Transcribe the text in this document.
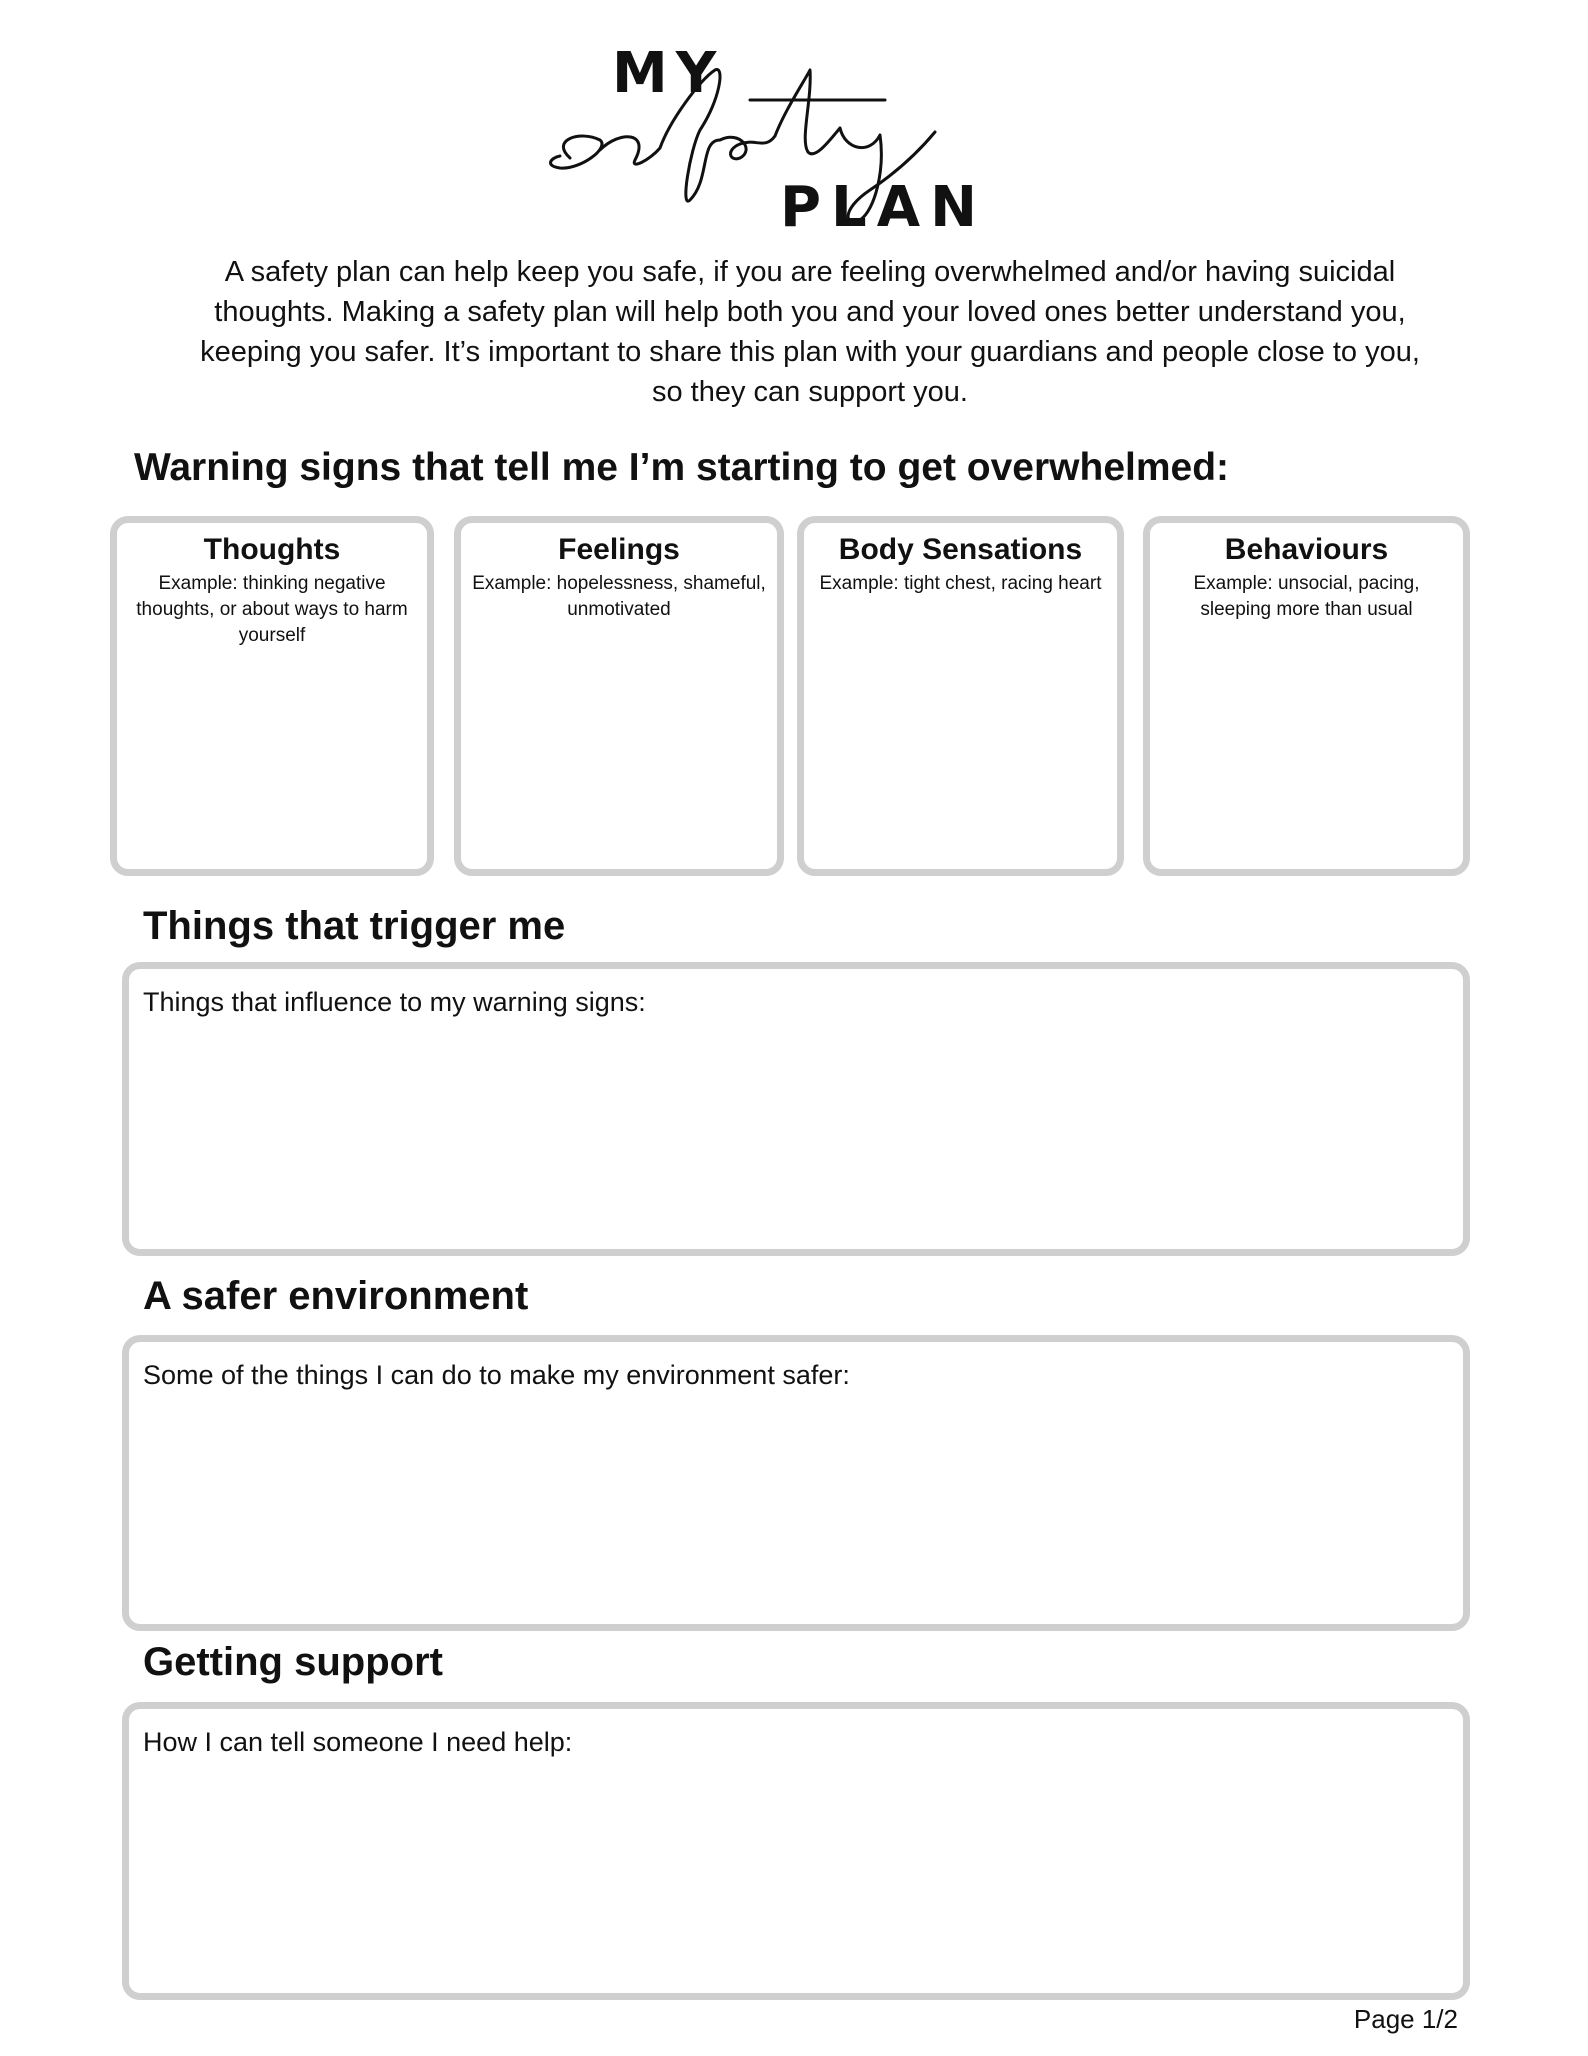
MY
PLAN

A safety plan can help keep you safe, if you are feeling overwhelmed and/or having suicidal thoughts. Making a safety plan will help both you and your loved ones better understand you, keeping you safer. It’s important to share this plan with your guardians and people close to you, so they can support you.

Warning signs that tell me I’m starting to get overwhelmed:

Thoughts

Example: thinking negative thoughts, or about ways to harm yourself

Feelings

Example: hopelessness, shameful, unmotivated

Body Sensations

Example: tight chest, racing heart

Behaviours

Example: unsocial, pacing, sleeping more than usual

Things that trigger me

Things that influence to my warning signs:

A safer environment

Some of the things I can do to make my environment safer:

Getting support

How I can tell someone I need help:

Page 1/2
